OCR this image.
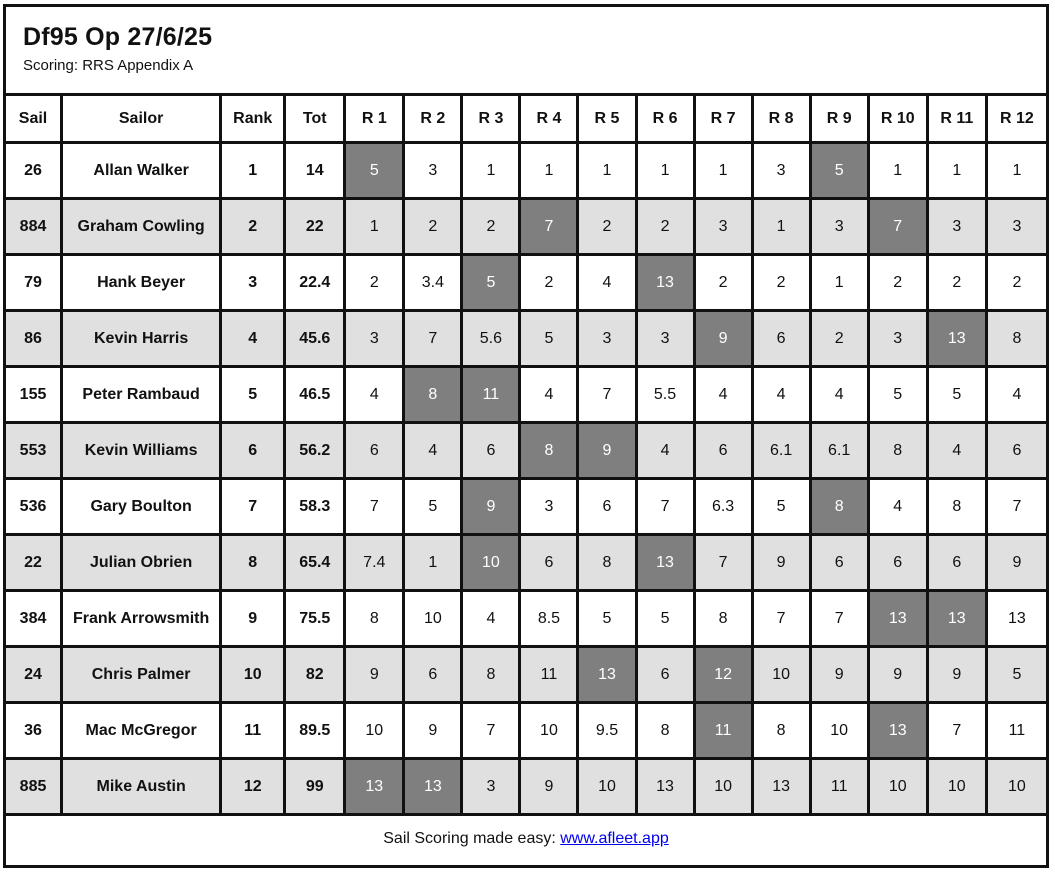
Df95 Op 27/6/25
Scoring: RRS Appendix A
Sail	Sailor	Rank	Tot	R 1	R 2	R 3	R 4	R 5	R 6	R 7	R 8	R 9	R 10	R 11	R 12
26	Allan Walker	1	14	5	3	1	1	1	1	1	3	5	1	1	1
884	Graham Cowling	2	22	1	2	2	7	2	2	3	1	3	7	3	3
79	Hank Beyer	3	22.4	2	3.4	5	2	4	13	2	2	1	2	2	2
86	Kevin Harris	4	45.6	3	7	5.6	5	3	3	9	6	2	3	13	8
155	Peter Rambaud	5	46.5	4	8	11	4	7	5.5	4	4	4	5	5	4
553	Kevin Williams	6	56.2	6	4	6	8	9	4	6	6.1	6.1	8	4	6
536	Gary Boulton	7	58.3	7	5	9	3	6	7	6.3	5	8	4	8	7
22	Julian Obrien	8	65.4	7.4	1	10	6	8	13	7	9	6	6	6	9
384	Frank Arrowsmith	9	75.5	8	10	4	8.5	5	5	8	7	7	13	13	13
24	Chris Palmer	10	82	9	6	8	11	13	6	12	10	9	9	9	5
36	Mac McGregor	11	89.5	10	9	7	10	9.5	8	11	8	10	13	7	11
885	Mike Austin	12	99	13	13	3	9	10	13	10	13	11	10	10	10
Sail Scoring made easy: www.afleet.app
